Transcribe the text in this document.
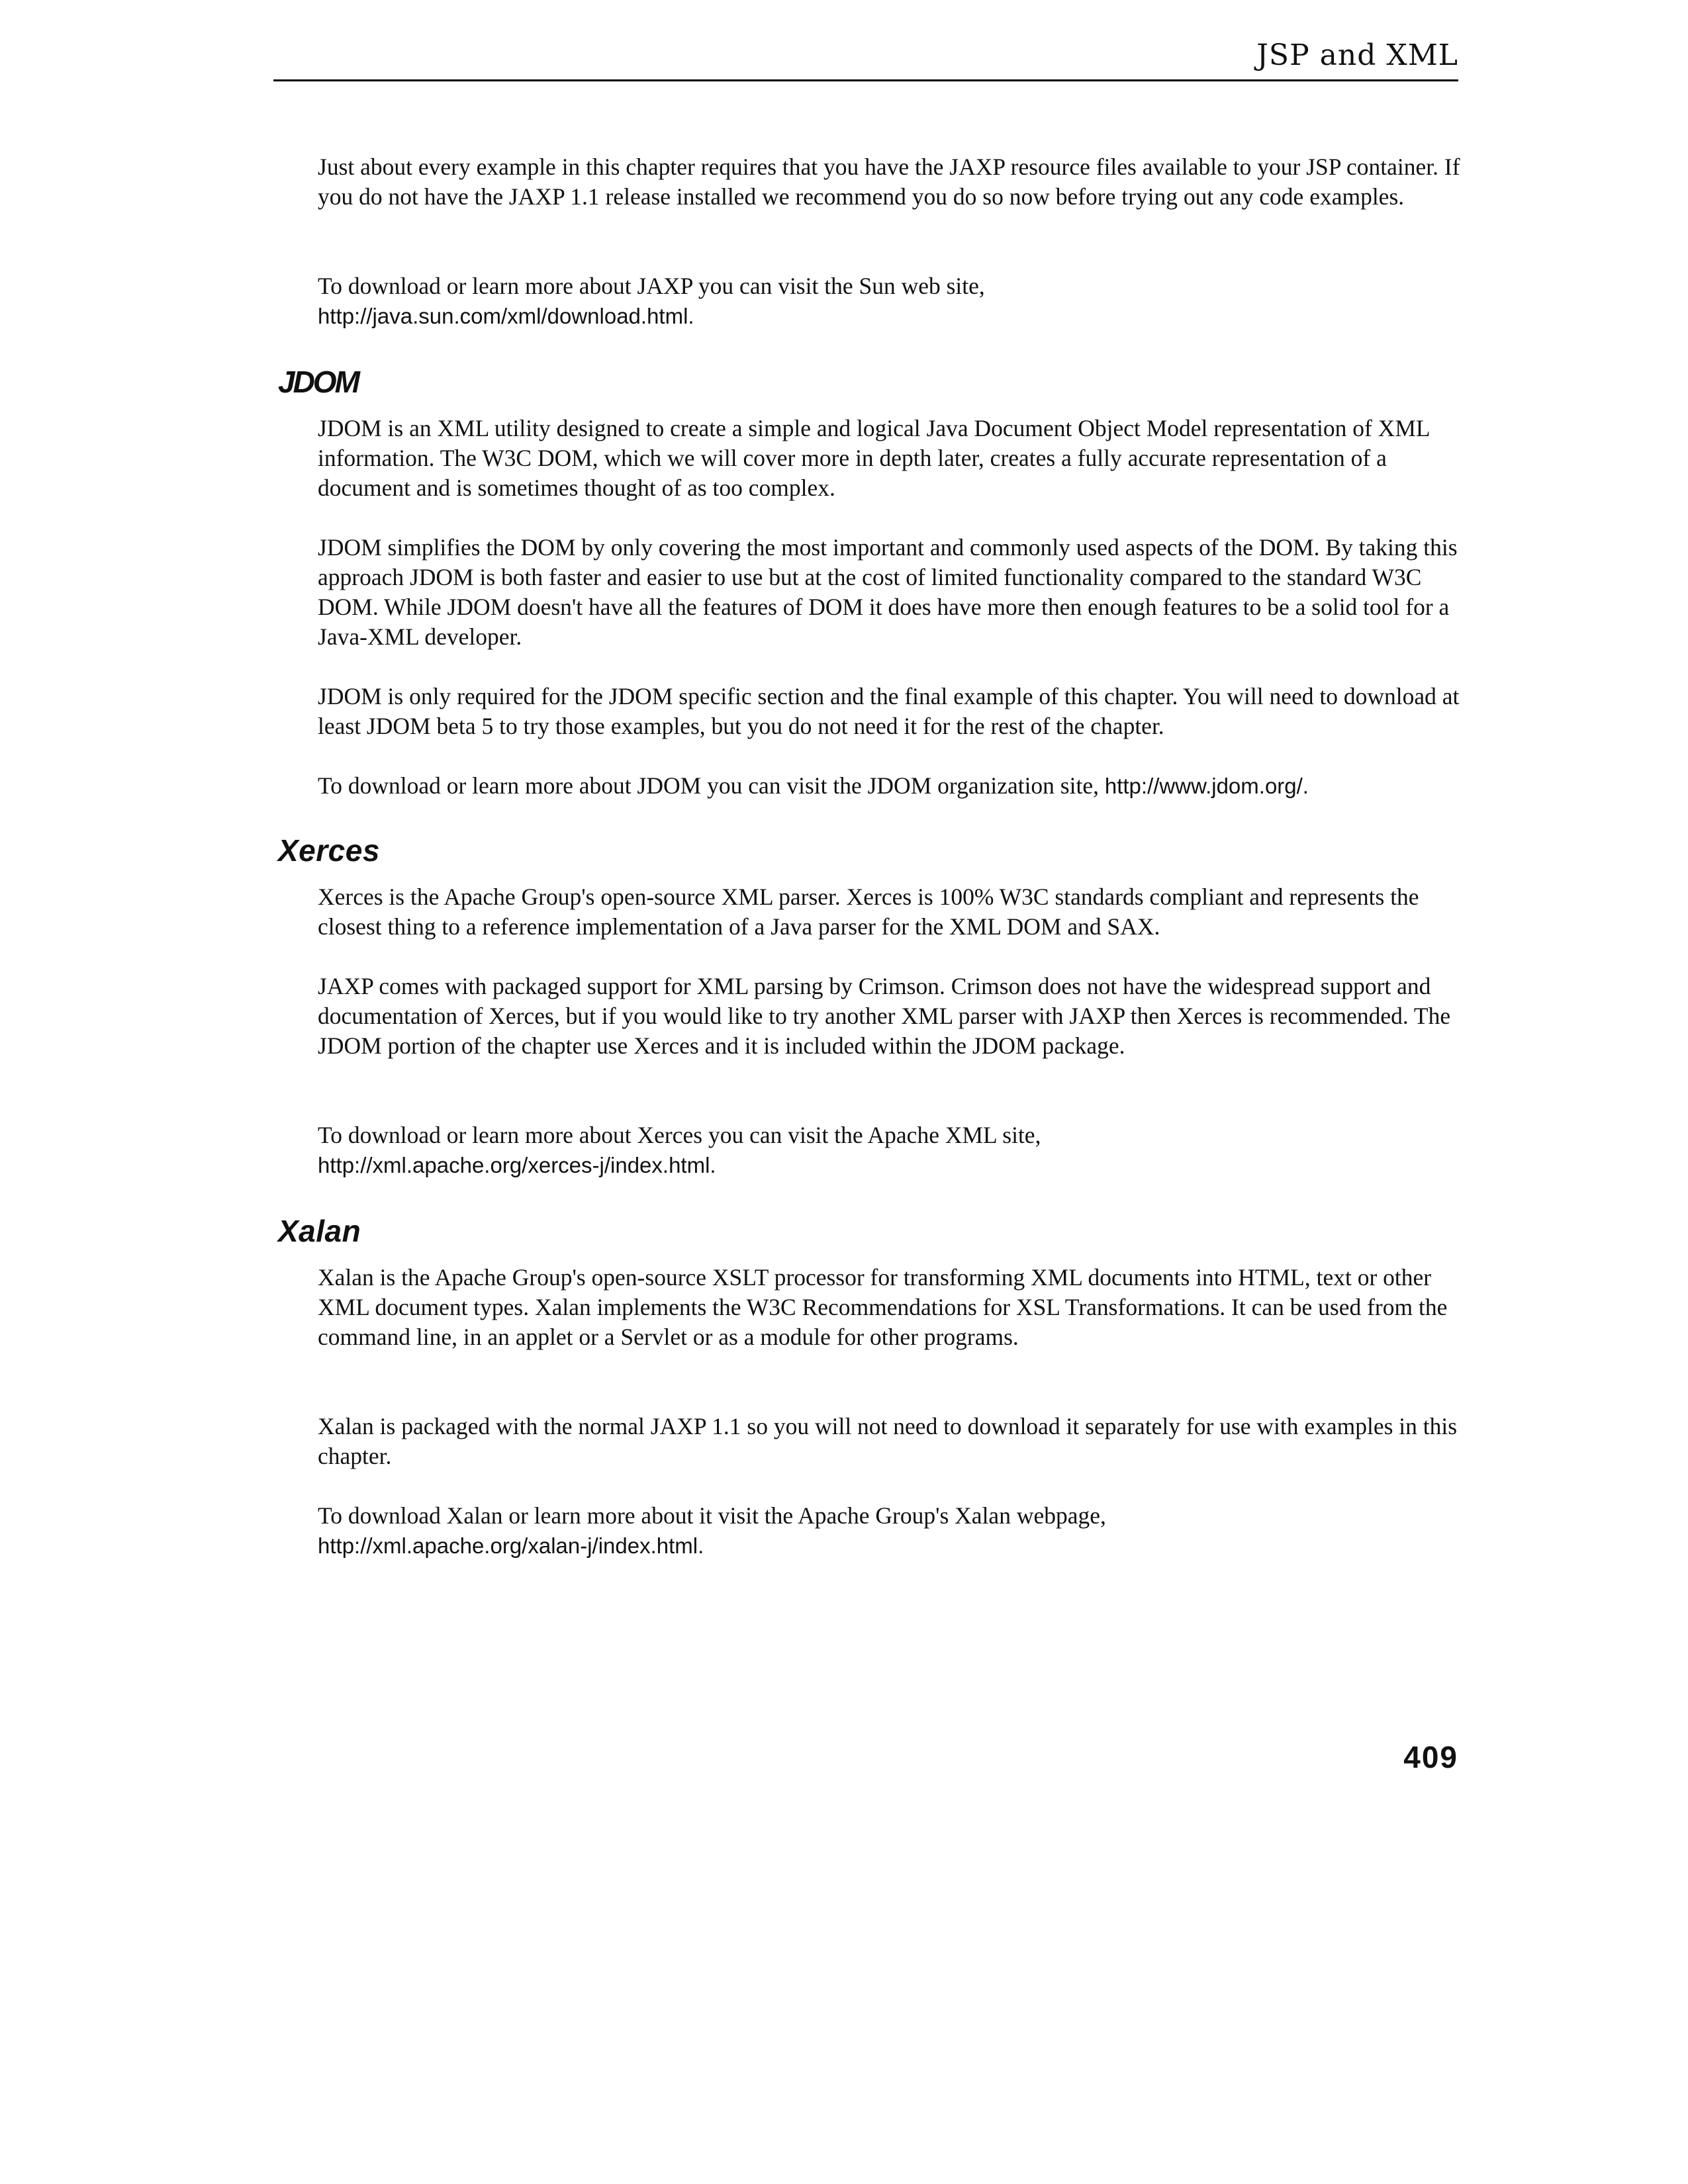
JSP and XML

Just about every example in this chapter requires that you have the JAXP resource files available to your JSP container. If you do not have the JAXP 1.1 release installed we recommend you do so now before trying out any code examples.

To download or learn more about JAXP you can visit the Sun web site,

http://java.sun.com/xml/download.html.

JDOM

JDOM is an XML utility designed to create a simple and logical Java Document Object Model representation of XML information. The W3C DOM, which we will cover more in depth later, creates a fully accurate representation of a document and is sometimes thought of as too complex.

JDOM simplifies the DOM by only covering the most important and commonly used aspects of the DOM. By taking this approach JDOM is both faster and easier to use but at the cost of limited functionality compared to the standard W3C DOM. While JDOM doesn't have all the features of DOM it does have more then enough features to be a solid tool for a Java-XML developer.

JDOM is only required for the JDOM specific section and the final example of this chapter. You will need to download at least JDOM beta 5 to try those examples, but you do not need it for the rest of the chapter.

To download or learn more about JDOM you can visit the JDOM organization site, http://www.jdom.org/.

Xerces

Xerces is the Apache Group's open-source XML parser. Xerces is 100% W3C standards compliant and represents the closest thing to a reference implementation of a Java parser for the XML DOM and SAX.

JAXP comes with packaged support for XML parsing by Crimson. Crimson does not have the widespread support and documentation of Xerces, but if you would like to try another XML parser with JAXP then Xerces is recommended. The JDOM portion of the chapter use Xerces and it is included within the JDOM package.

To download or learn more about Xerces you can visit the Apache XML site,

http://xml.apache.org/xerces-j/index.html.

Xalan

Xalan is the Apache Group's open-source XSLT processor for transforming XML documents into HTML, text or other XML document types. Xalan implements the W3C Recommendations for XSL Transformations. It can be used from the command line, in an applet or a Servlet or as a module for other programs.

Xalan is packaged with the normal JAXP 1.1 so you will not need to download it separately for use with examples in this chapter.

To download Xalan or learn more about it visit the Apache Group's Xalan webpage,

http://xml.apache.org/xalan-j/index.html.

409
